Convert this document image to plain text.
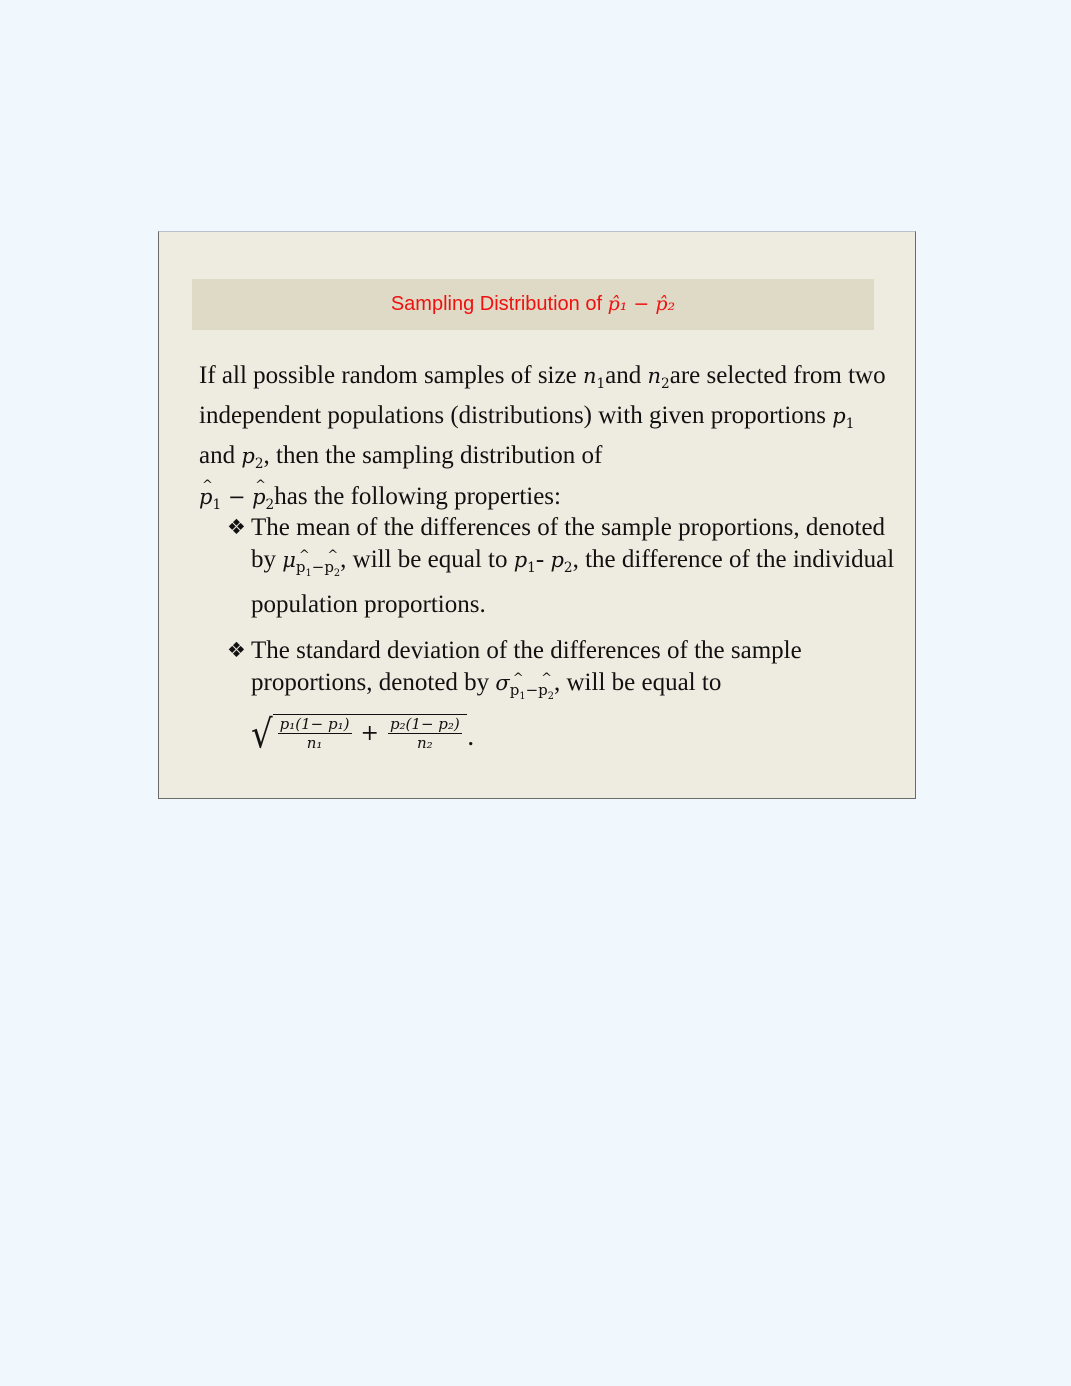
Sampling Distribution of p̂₁ − p̂₂
If all possible random samples of size $n_1and$ $n_2are$ selected from two independent populations (distributions) with given proportions $p_1$ and $p_2$, then the sampling distribution of
^ $p_1$ − ^ $p_2has$ the following properties:
❖ The mean of the differences of the sample proportions, denoted by μ^ $_{p_1-\^{} p_2}$, will be equal to $p_1-$ $p_2$, the difference of the individual population proportions.
❖ The standard deviation of the differences of the sample proportions, denoted by σ^ $_{p_1-\^{} p_2}$, will be equal to

√ $\frac{\text{p₁(1− p₁)}}{\text{n₁}} + \frac{\text{p₂(1− p₂)}}{\text{n₂}}$ .
